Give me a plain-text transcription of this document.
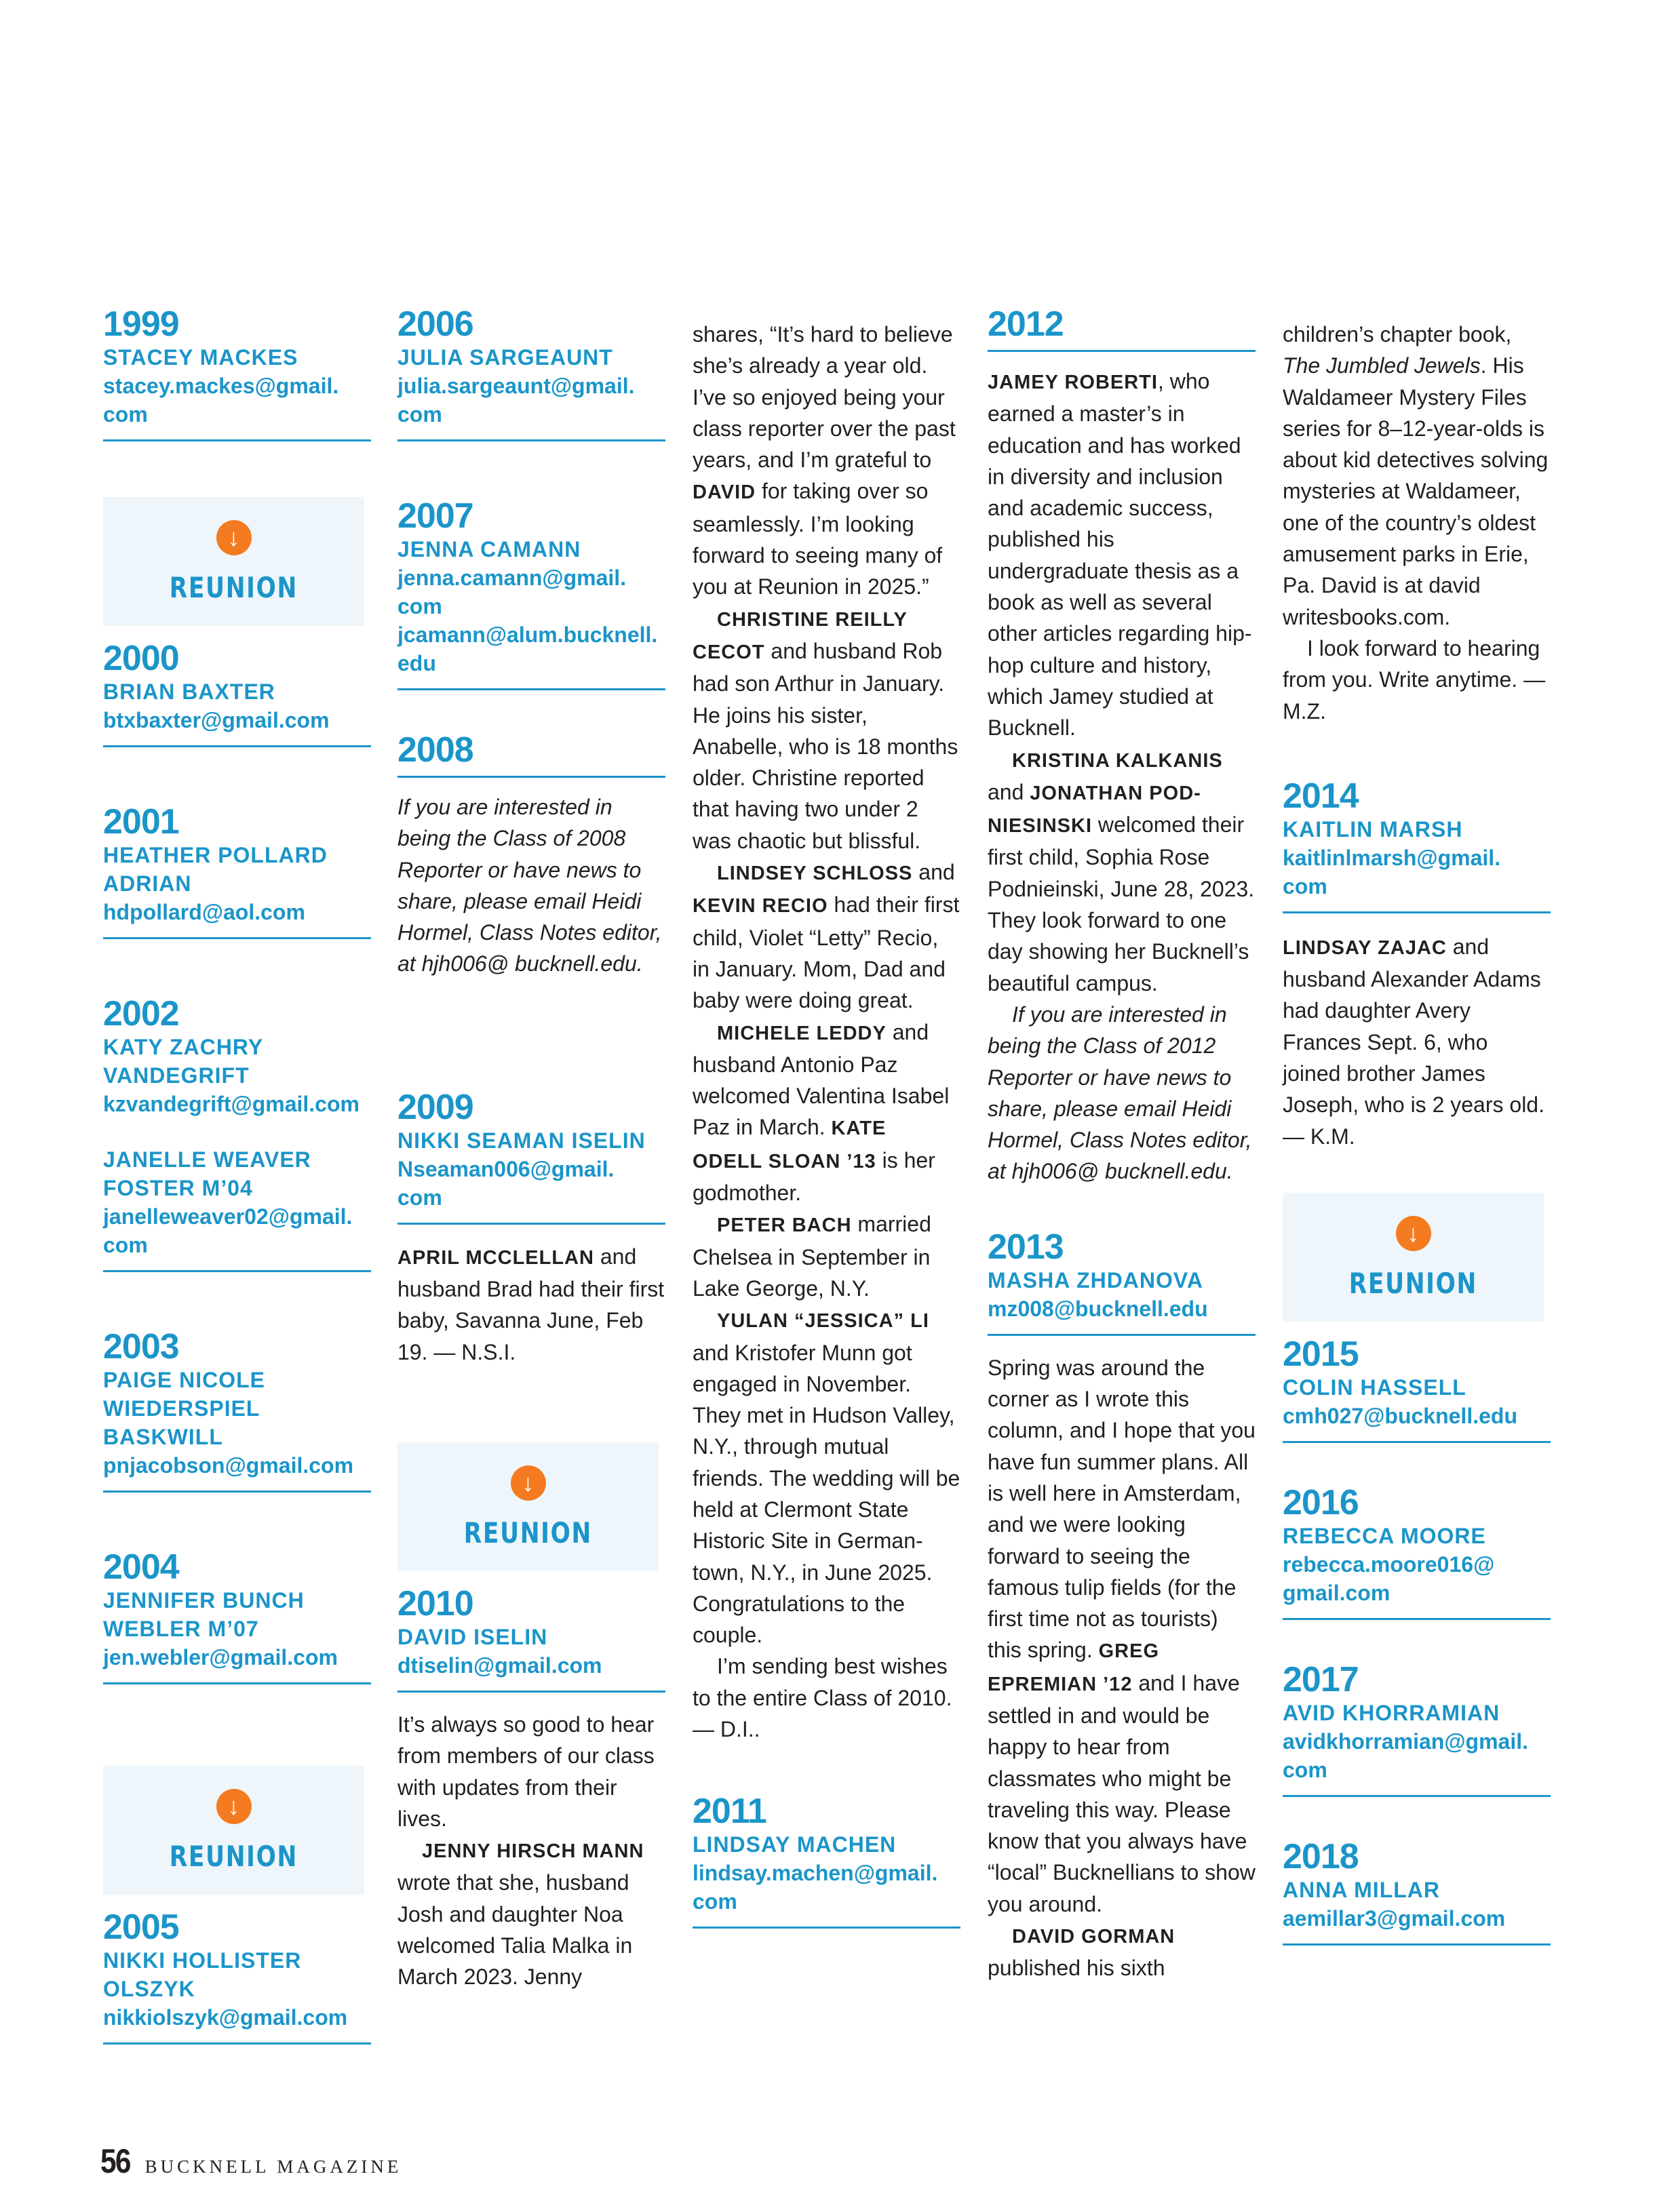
1999
STACEY MACKES
stacey.mackes@gmail.
com
↓
REUNION
2000
BRIAN BAXTER
btxbaxter@gmail.com
2001
HEATHER POLLARD
ADRIAN
hdpollard@aol.com
2002
KATY ZACHRY
VANDEGRIFT
kzvandegrift@gmail.com
JANELLE WEAVER
FOSTER M’04
janelleweaver02@gmail.
com
2003
PAIGE NICOLE
WIEDERSPIEL
BASKWILL
pnjacobson@gmail.com
2004
JENNIFER BUNCH
WEBLER M’07
jen.webler@gmail.com
↓
REUNION
2005
NIKKI HOLLISTER
OLSZYK
nikkiolszyk@gmail.com
2006
JULIA SARGEAUNT
julia.sargeaunt@gmail.
com
2007
JENNA CAMANN
jenna.camann@gmail.
com
jcamann@alum.bucknell.
edu
2008
If you are interested in being the Class of 2008 Reporter or have news to share, please email Heidi Hormel, Class Notes editor, at hjh006@ bucknell.edu.
2009
NIKKI SEAMAN ISELIN
Nseaman006@gmail.
com
APRIL MCCLELLAN and husband Brad had their first baby, Savanna June, Feb 19. — N.S.I.
↓
REUNION
2010
DAVID ISELIN
dtiselin@gmail.com

It’s always so good to hear from members of our class with updates from their lives.

JENNY HIRSCH MANN wrote that she, husband Josh and daughter Noa welcomed Talia Malka in March 2023. Jenny

shares, “It’s hard to believe she’s already a year old. I’ve so enjoyed being your class reporter over the past years, and I’m grateful to DAVID for taking over so seamlessly. I’m looking forward to seeing many of you at Reunion in 2025.”

CHRISTINE REILLY CECOT and husband Rob had son Arthur in January. He joins his sister, Anabelle, who is 18 months older. Christine reported that having two under 2 was chaotic but blissful.

LINDSEY SCHLOSS and KEVIN RECIO had their first child, Violet “Letty” Recio, in January. Mom, Dad and baby were doing great.

MICHELE LEDDY and husband Antonio Paz welcomed Valentina Isabel Paz in March. KATE ODELL SLOAN ’13 is her godmother.

PETER BACH married Chelsea in September in Lake George, N.Y.

YULAN “JESSICA” LI and Kristofer Munn got engaged in November. They met in Hudson Valley, N.Y., through mutual friends. The wedding will be held at Clermont State Historic Site in German-town, N.Y., in June 2025. Congratulations to the couple.

I’m sending best wishes to the entire Class of 2010. — D.I..

2011
LINDSAY MACHEN
lindsay.machen@gmail.
com
2012

JAMEY ROBERTI, who earned a master’s in education and has worked in diversity and inclusion and academic success, published his undergraduate thesis as a book as well as several other articles regarding hip-hop culture and history, which Jamey studied at Bucknell.

KRISTINA KALKANIS and JONATHAN POD-NIESINSKI welcomed their first child, Sophia Rose Podnieinski, June 28, 2023. They look forward to one day showing her Bucknell’s beautiful campus.

If you are interested in being the Class of 2012 Reporter or have news to share, please email Heidi Hormel, Class Notes editor, at hjh006@ bucknell.edu.

2013
MASHA ZHDANOVA
mz008@bucknell.edu

Spring was around the corner as I wrote this column, and I hope that you have fun summer plans. All is well here in Amsterdam, and we were looking forward to seeing the famous tulip fields (for the first time not as tourists) this spring. GREG EPREMIAN ’12 and I have settled in and would be happy to hear from classmates who might be traveling this way. Please know that you always have “local” Bucknellians to show you around.

DAVID GORMAN published his sixth

children’s chapter book, The Jumbled Jewels. His Waldameer Mystery Files series for 8–12-year-olds is about kid detectives solving mysteries at Waldameer, one of the country’s oldest amusement parks in Erie, Pa. David is at david writesbooks.com.

I look forward to hearing from you. Write anytime. — M.Z.

2014
KAITLIN MARSH
kaitlinlmarsh@gmail.
com
LINDSAY ZAJAC and husband Alexander Adams had daughter Avery Frances Sept. 6, who joined brother James Joseph, who is 2 years old. — K.M.
↓
REUNION
2015
COLIN HASSELL
cmh027@bucknell.edu
2016
REBECCA MOORE
rebecca.moore016@
gmail.com
2017
AVID KHORRAMIAN
avidkhorramian@gmail.
com
2018
ANNA MILLAR
aemillar3@gmail.com
56 BUCKNELL MAGAZINE
